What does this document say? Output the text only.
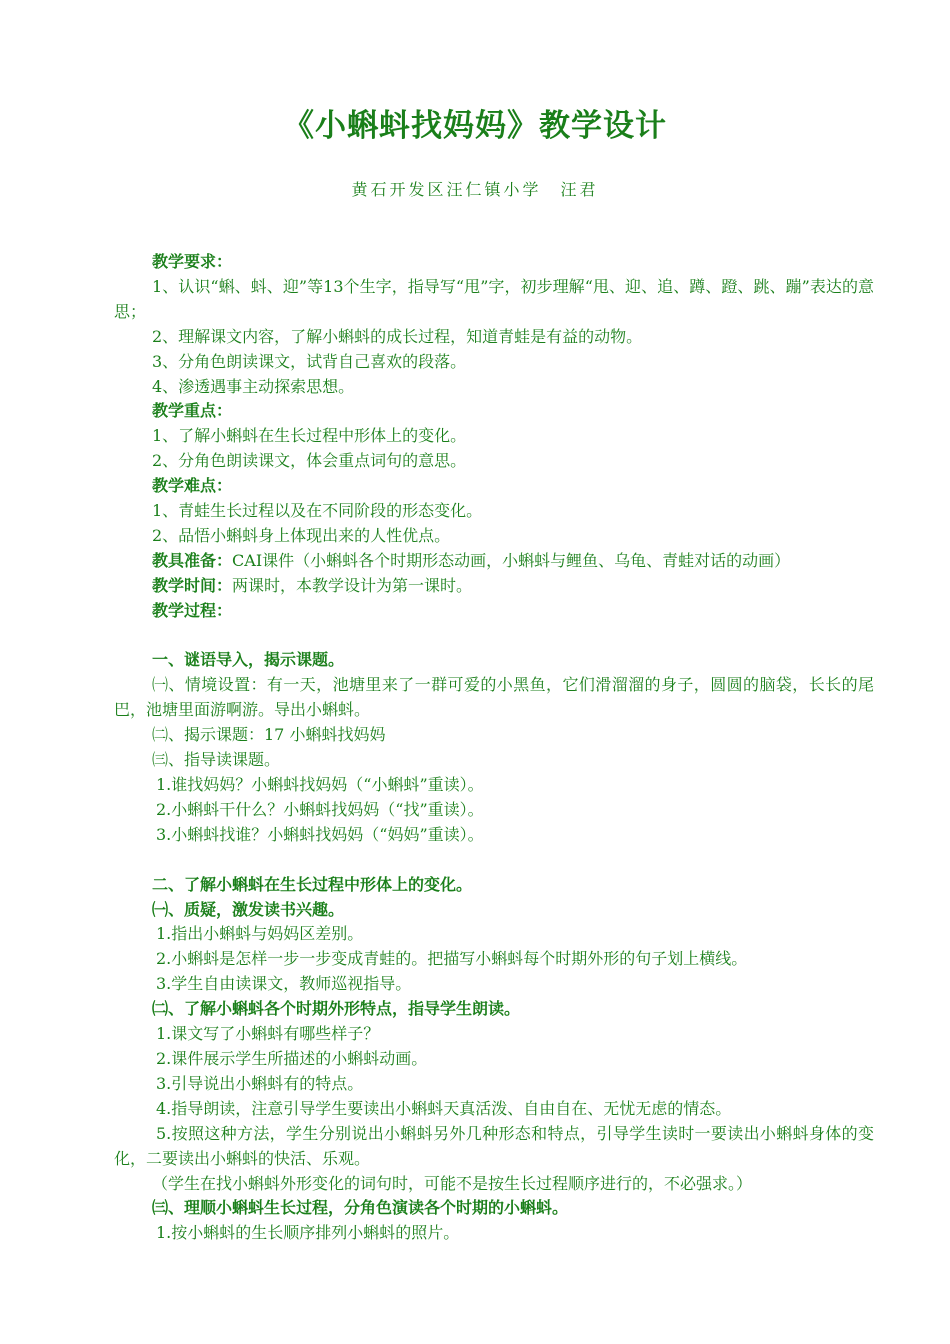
《小蝌蚪找妈妈》教学设计
黄石开发区汪仁镇小学　汪君
教学要求：
1、认识“蝌、蚪、迎”等13个生字，指导写“甩”字，初步理解“甩、迎、追、蹲、蹬、跳、蹦”表达的意思；
2、理解课文内容，了解小蝌蚪的成长过程，知道青蛙是有益的动物。
3、分角色朗读课文，试背自己喜欢的段落。
4、渗透遇事主动探索思想。
教学重点：
1、了解小蝌蚪在生长过程中形体上的变化。
2、分角色朗读课文，体会重点词句的意思。
教学难点：
1、青蛙生长过程以及在不同阶段的形态变化。
2、品悟小蝌蚪身上体现出来的人性优点。
教具准备：CAI课件（小蝌蚪各个时期形态动画，小蝌蚪与鲤鱼、乌龟、青蛙对话的动画）
教学时间：两课时，本教学设计为第一课时。
教学过程：
一、谜语导入，揭示课题。
㈠、情境设置：有一天，池塘里来了一群可爱的小黑鱼，它们滑溜溜的身子，圆圆的脑袋，长长的尾巴，池塘里面游啊游。导出小蝌蚪。
㈡、揭示课题：17 小蝌蚪找妈妈
㈢、指导读课题。
1.谁找妈妈？小蝌蚪找妈妈（“小蝌蚪”重读）。
2.小蝌蚪干什么？小蝌蚪找妈妈（“找”重读）。
3.小蝌蚪找谁？小蝌蚪找妈妈（“妈妈”重读）。
二、了解小蝌蚪在生长过程中形体上的变化。
㈠、质疑，激发读书兴趣。
1.指出小蝌蚪与妈妈区差别。
2.小蝌蚪是怎样一步一步变成青蛙的。把描写小蝌蚪每个时期外形的句子划上横线。
3.学生自由读课文，教师巡视指导。
㈡、了解小蝌蚪各个时期外形特点，指导学生朗读。
1.课文写了小蝌蚪有哪些样子？
2.课件展示学生所描述的小蝌蚪动画。
3.引导说出小蝌蚪有的特点。
4.指导朗读，注意引导学生要读出小蝌蚪天真活泼、自由自在、无忧无虑的情态。
5.按照这种方法，学生分别说出小蝌蚪另外几种形态和特点，引导学生读时一要读出小蝌蚪身体的变化，二要读出小蝌蚪的快活、乐观。
（学生在找小蝌蚪外形变化的词句时，可能不是按生长过程顺序进行的，不必强求。）
㈢、理顺小蝌蚪生长过程，分角色演读各个时期的小蝌蚪。
1.按小蝌蚪的生长顺序排列小蝌蚪的照片。
